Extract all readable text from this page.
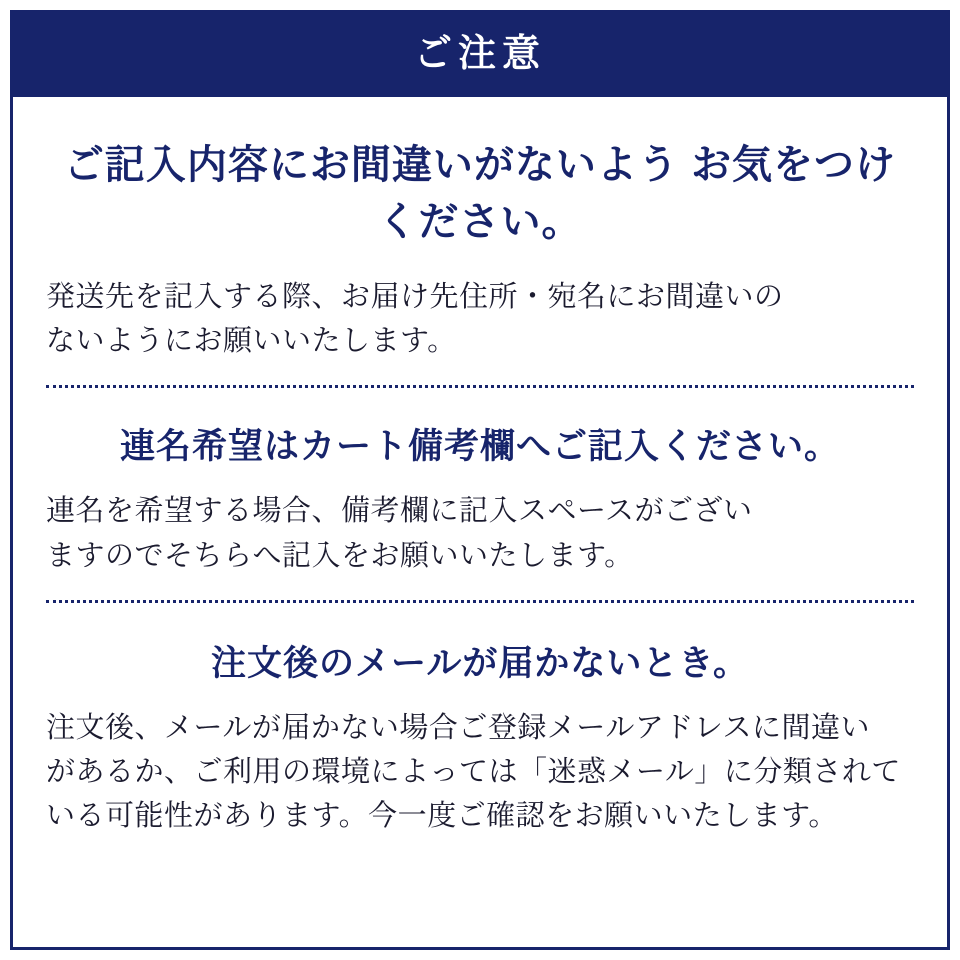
ご注意
ご記入内容にお間違いがないよう お気をつけください。
発送先を記入する際、お届け先住所・宛名にお間違いの
ないようにお願いいたします。
連名希望はカート備考欄へご記入ください。
連名を希望する場合、備考欄に記入スペースがござい
ますのでそちらへ記入をお願いいたします。
注文後のメールが届かないとき。
注文後、メールが届かない場合ご登録メールアドレスに間違い
があるか、ご利用の環境によっては「迷惑メール」に分類されて
いる可能性があります。今一度ご確認をお願いいたします。
